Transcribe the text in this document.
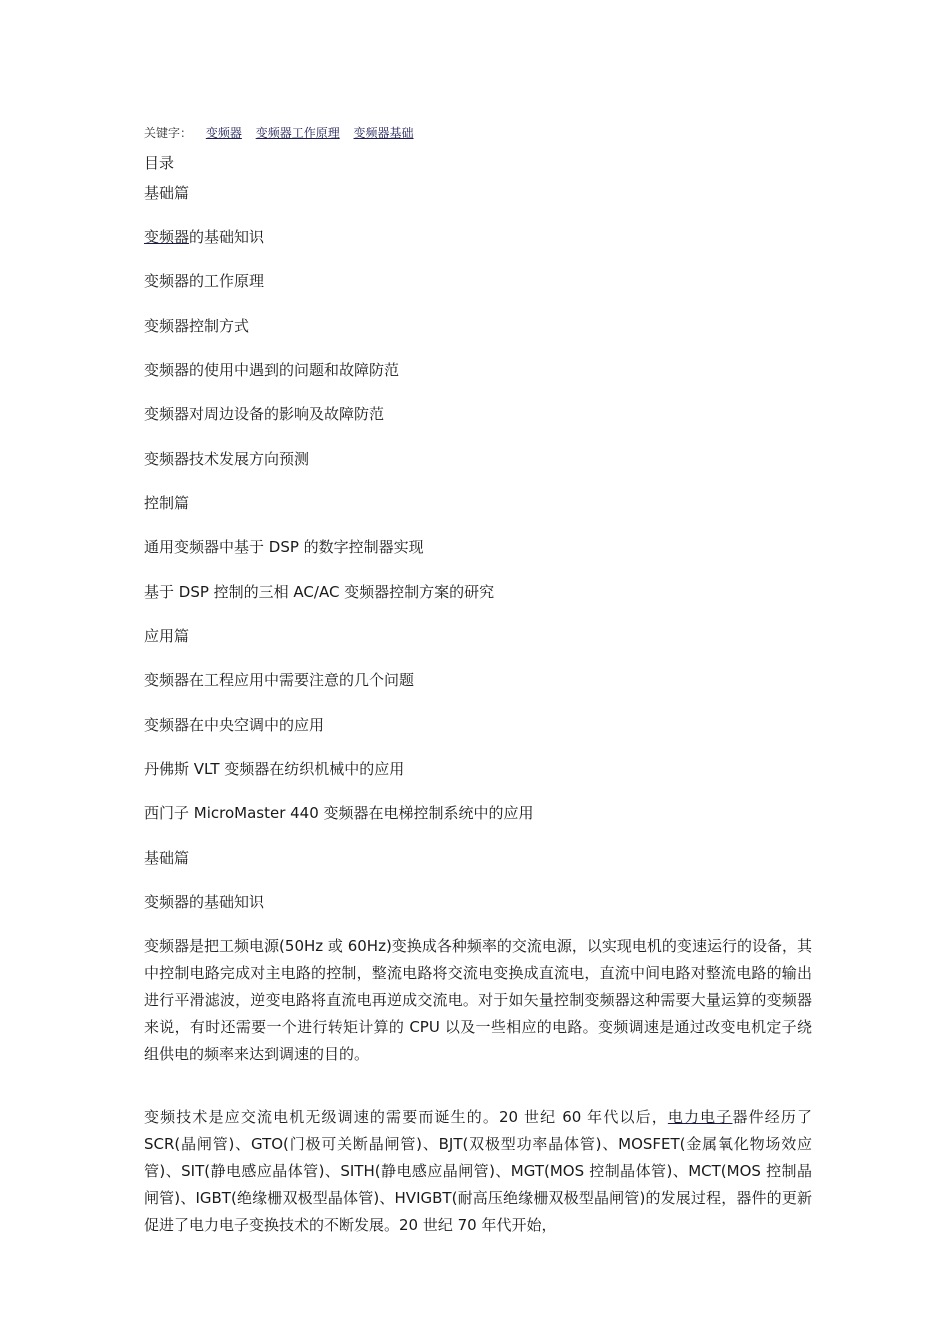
关键字： 变频器 变频器工作原理 变频器基础
目录
基础篇
变频器的基础知识
变频器的工作原理
变频器控制方式
变频器的使用中遇到的问题和故障防范
变频器对周边设备的影响及故障防范
变频器技术发展方向预测
控制篇
通用变频器中基于 DSP 的数字控制器实现
基于 DSP 控制的三相 AC/AC 变频器控制方案的研究
应用篇
变频器在工程应用中需要注意的几个问题
变频器在中央空调中的应用
丹佛斯 VLT 变频器在纺织机械中的应用
西门子 MicroMaster 440 变频器在电梯控制系统中的应用
基础篇
变频器的基础知识
变频器是把工频电源(50Hz 或 60Hz)变换成各种频率的交流电源，以实现电机的变速运行的设备，其中控制电路完成对主电路的控制，整流电路将交流电变换成直流电，直流中间电路对整流电路的输出进行平滑滤波，逆变电路将直流电再逆成交流电。对于如矢量控制变频器这种需要大量运算的变频器来说，有时还需要一个进行转矩计算的 CPU 以及一些相应的电路。变频调速是通过改变电机定子绕组供电的频率来达到调速的目的。
变频技术是应交流电机无级调速的需要而诞生的。20 世纪 60 年代以后，电力电子器件经历了 SCR(晶闸管)、GTO(门极可关断晶闸管)、BJT(双极型功率晶体管)、MOSFET(金属氧化物场效应管)、SIT(静电感应晶体管)、SITH(静电感应晶闸管)、MGT(MOS 控制晶体管)、MCT(MOS 控制晶闸管)、IGBT(绝缘栅双极型晶体管)、HVIGBT(耐高压绝缘栅双极型晶闸管)的发展过程，器件的更新促进了电力电子变换技术的不断发展。20 世纪 70 年代开始，
